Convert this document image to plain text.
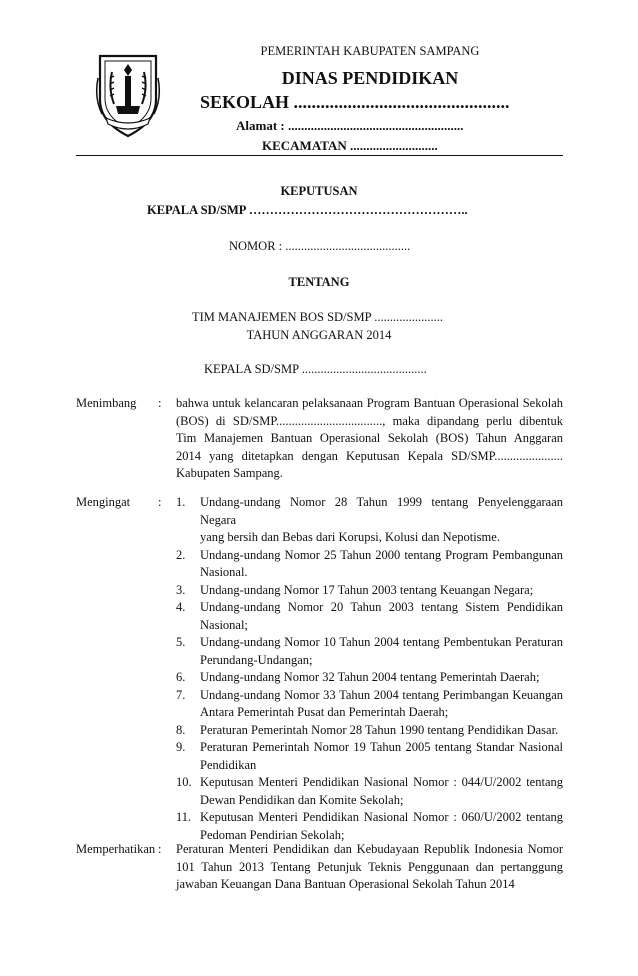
PEMERINTAH KABUPATEN SAMPANG
DINAS PENDIDIKAN
SEKOLAH ................................................
Alamat : ......................................................
KECAMATAN ...........................
KEPUTUSAN
KEPALA SD/SMP ……………………………………………..
NOMOR : ........................................
TENTANG
TIM MANAJEMEN BOS SD/SMP ......................
TAHUN ANGGARAN 2014
KEPALA SD/SMP ........................................
Menimbang : bahwa untuk kelancaran pelaksanaan Program Bantuan Operasional Sekolah
(BOS) di SD/SMP.................................., maka dipandang perlu dibentuk
Tim Manajemen Bantuan Operasional Sekolah (BOS) Tahun Anggaran
2014 yang ditetapkan dengan Keputusan Kepala SD/SMP......................
Kabupaten Sampang.
Mengingat : 1. Undang-undang Nomor 28 Tahun 1999 tentang Penyelenggaraan Negara
yang bersih dan Bebas dari Korupsi, Kolusi dan Nepotisme.
2. Undang-undang Nomor 25 Tahun 2000 tentang Program Pembangunan
Nasional.
3. Undang-undang Nomor 17 Tahun 2003 tentang Keuangan Negara;
4. Undang-undang Nomor 20 Tahun 2003 tentang Sistem Pendidikan
Nasional;
5. Undang-undang Nomor 10 Tahun 2004 tentang Pembentukan Peraturan
Perundang-Undangan;
6. Undang-undang Nomor 32 Tahun 2004 tentang Pemerintah Daerah;
7. Undang-undang Nomor 33 Tahun 2004 tentang Perimbangan Keuangan
Antara Pemerintah Pusat dan Pemerintah Daerah;
8. Peraturan Pemerintah Nomor 28 Tahun 1990 tentang Pendidikan Dasar.
9. Peraturan Pemerintah Nomor 19 Tahun 2005 tentang Standar Nasional
Pendidikan
10. Keputusan Menteri Pendidikan Nasional Nomor : 044/U/2002 tentang
Dewan Pendidikan dan Komite Sekolah;
11. Keputusan Menteri Pendidikan Nasional Nomor : 060/U/2002 tentang
Pedoman Pendirian Sekolah;
Memperhatikan : Peraturan Menteri Pendidikan dan Kebudayaan Republik Indonesia Nomor
101 Tahun 2013 Tentang Petunjuk Teknis Penggunaan dan pertanggung
jawaban Keuangan Dana Bantuan Operasional Sekolah Tahun 2014
